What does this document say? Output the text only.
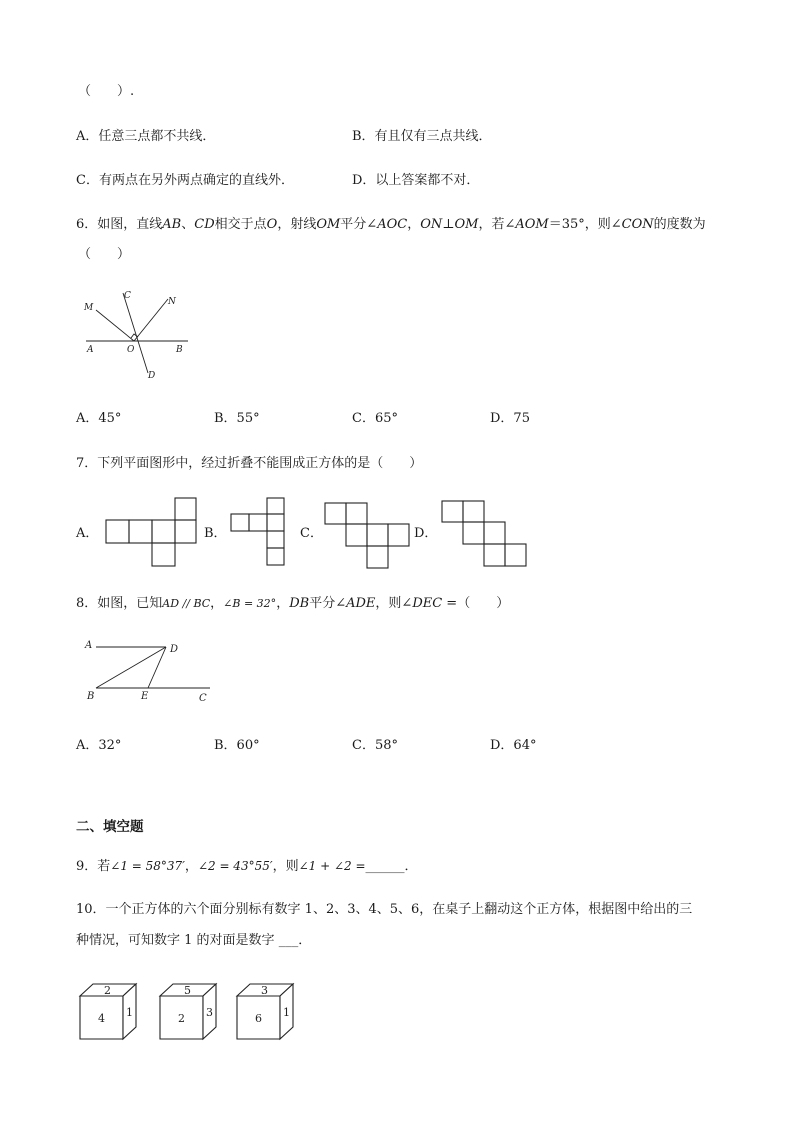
（　　）.
A．任意三点都不共线．	B．有且仅有三点共线．
C．有两点在另外两点确定的直线外．	D．以上答案都不对．
6．如图，直线AB、CD相交于点O，射线OM平分∠AOC，ON⊥OM，若∠AOM＝35°，则∠CON的度数为
（　　）
M
C
N
A	O	B
D
A．45°	B．55°	C．65°	D．75
7．下列平面图形中，经过折叠不能围成正方体的是（　　）
A．	B．	C．	D．
8．如图，已知AD // BC，∠B = 32°，DB平分∠ADE，则∠DEC =（　　）
A	D
B	E	C
A．32°	B．60°	C．58°	D．64°
二、填空题
9．若∠1 = 58°37′，∠2 = 43°55′，则∠1 + ∠2 =______．
10．一个正方体的六个面分别标有数字 1、2、3、4、5、6，在桌子上翻动这个正方体，根据图中给出的三
种情况，可知数字 1 的对面是数字 ___．
2
4 1
5
2 3
3
6 1
